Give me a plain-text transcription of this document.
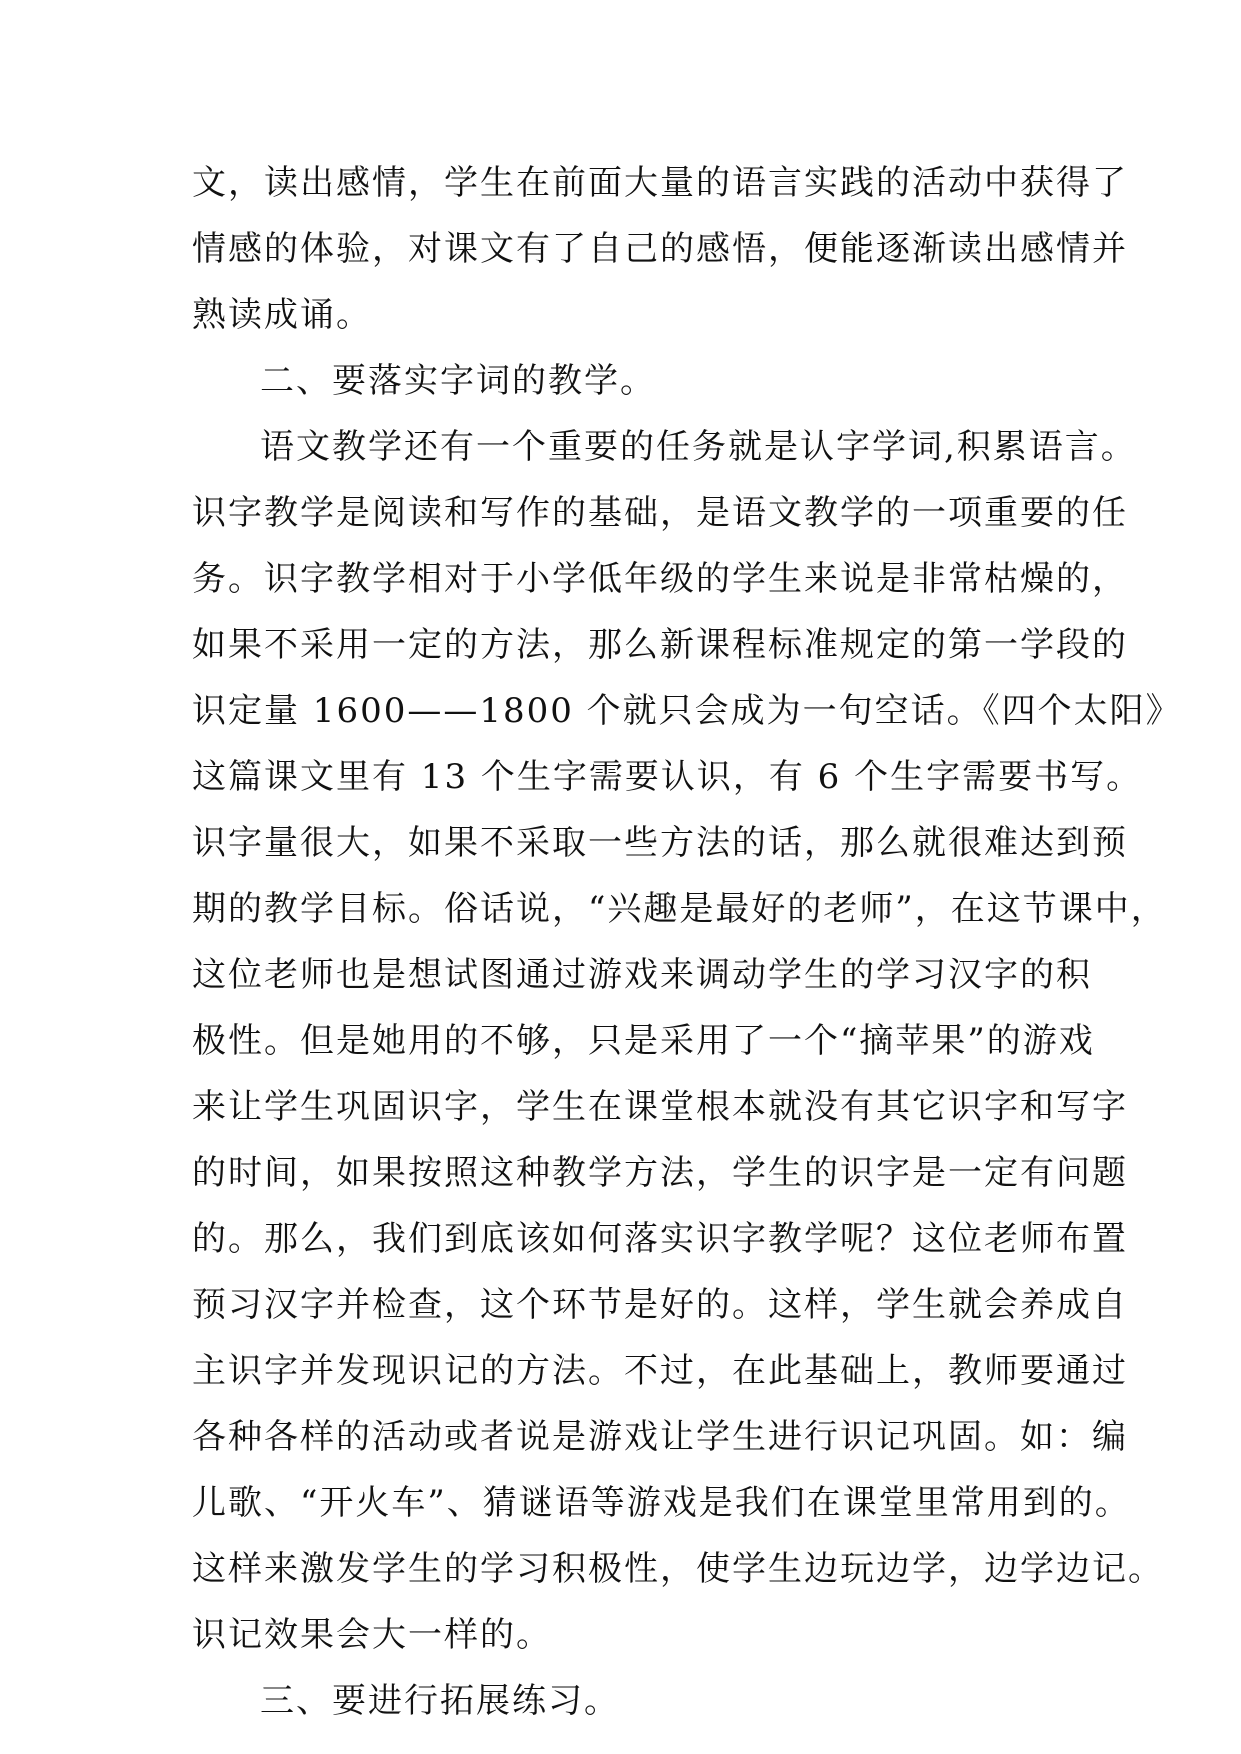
文，读出感情，学生在前面大量的语言实践的活动中获得了
情感的体验，对课文有了自己的感悟，便能逐渐读出感情并
熟读成诵。
二、要落实字词的教学。
语文教学还有一个重要的任务就是认字学词,积累语言。
识字教学是阅读和写作的基础，是语文教学的一项重要的任
务。识字教学相对于小学低年级的学生来说是非常枯燥的，
如果不采用一定的方法，那么新课程标准规定的第一学段的
识定量 1600——1800 个就只会成为一句空话。《四个太阳》
这篇课文里有 13 个生字需要认识，有 6 个生字需要书写。
识字量很大，如果不采取一些方法的话，那么就很难达到预
期的教学目标。俗话说，“兴趣是最好的老师”，在这节课中，
这位老师也是想试图通过游戏来调动学生的学习汉字的积
极性。但是她用的不够，只是采用了一个“摘苹果”的游戏
来让学生巩固识字，学生在课堂根本就没有其它识字和写字
的时间，如果按照这种教学方法，学生的识字是一定有问题
的。那么，我们到底该如何落实识字教学呢？这位老师布置
预习汉字并检查，这个环节是好的。这样，学生就会养成自
主识字并发现识记的方法。不过，在此基础上，教师要通过
各种各样的活动或者说是游戏让学生进行识记巩固。如：编
儿歌、“开火车”、猜谜语等游戏是我们在课堂里常用到的。
这样来激发学生的学习积极性，使学生边玩边学，边学边记。
识记效果会大一样的。
三、要进行拓展练习。
